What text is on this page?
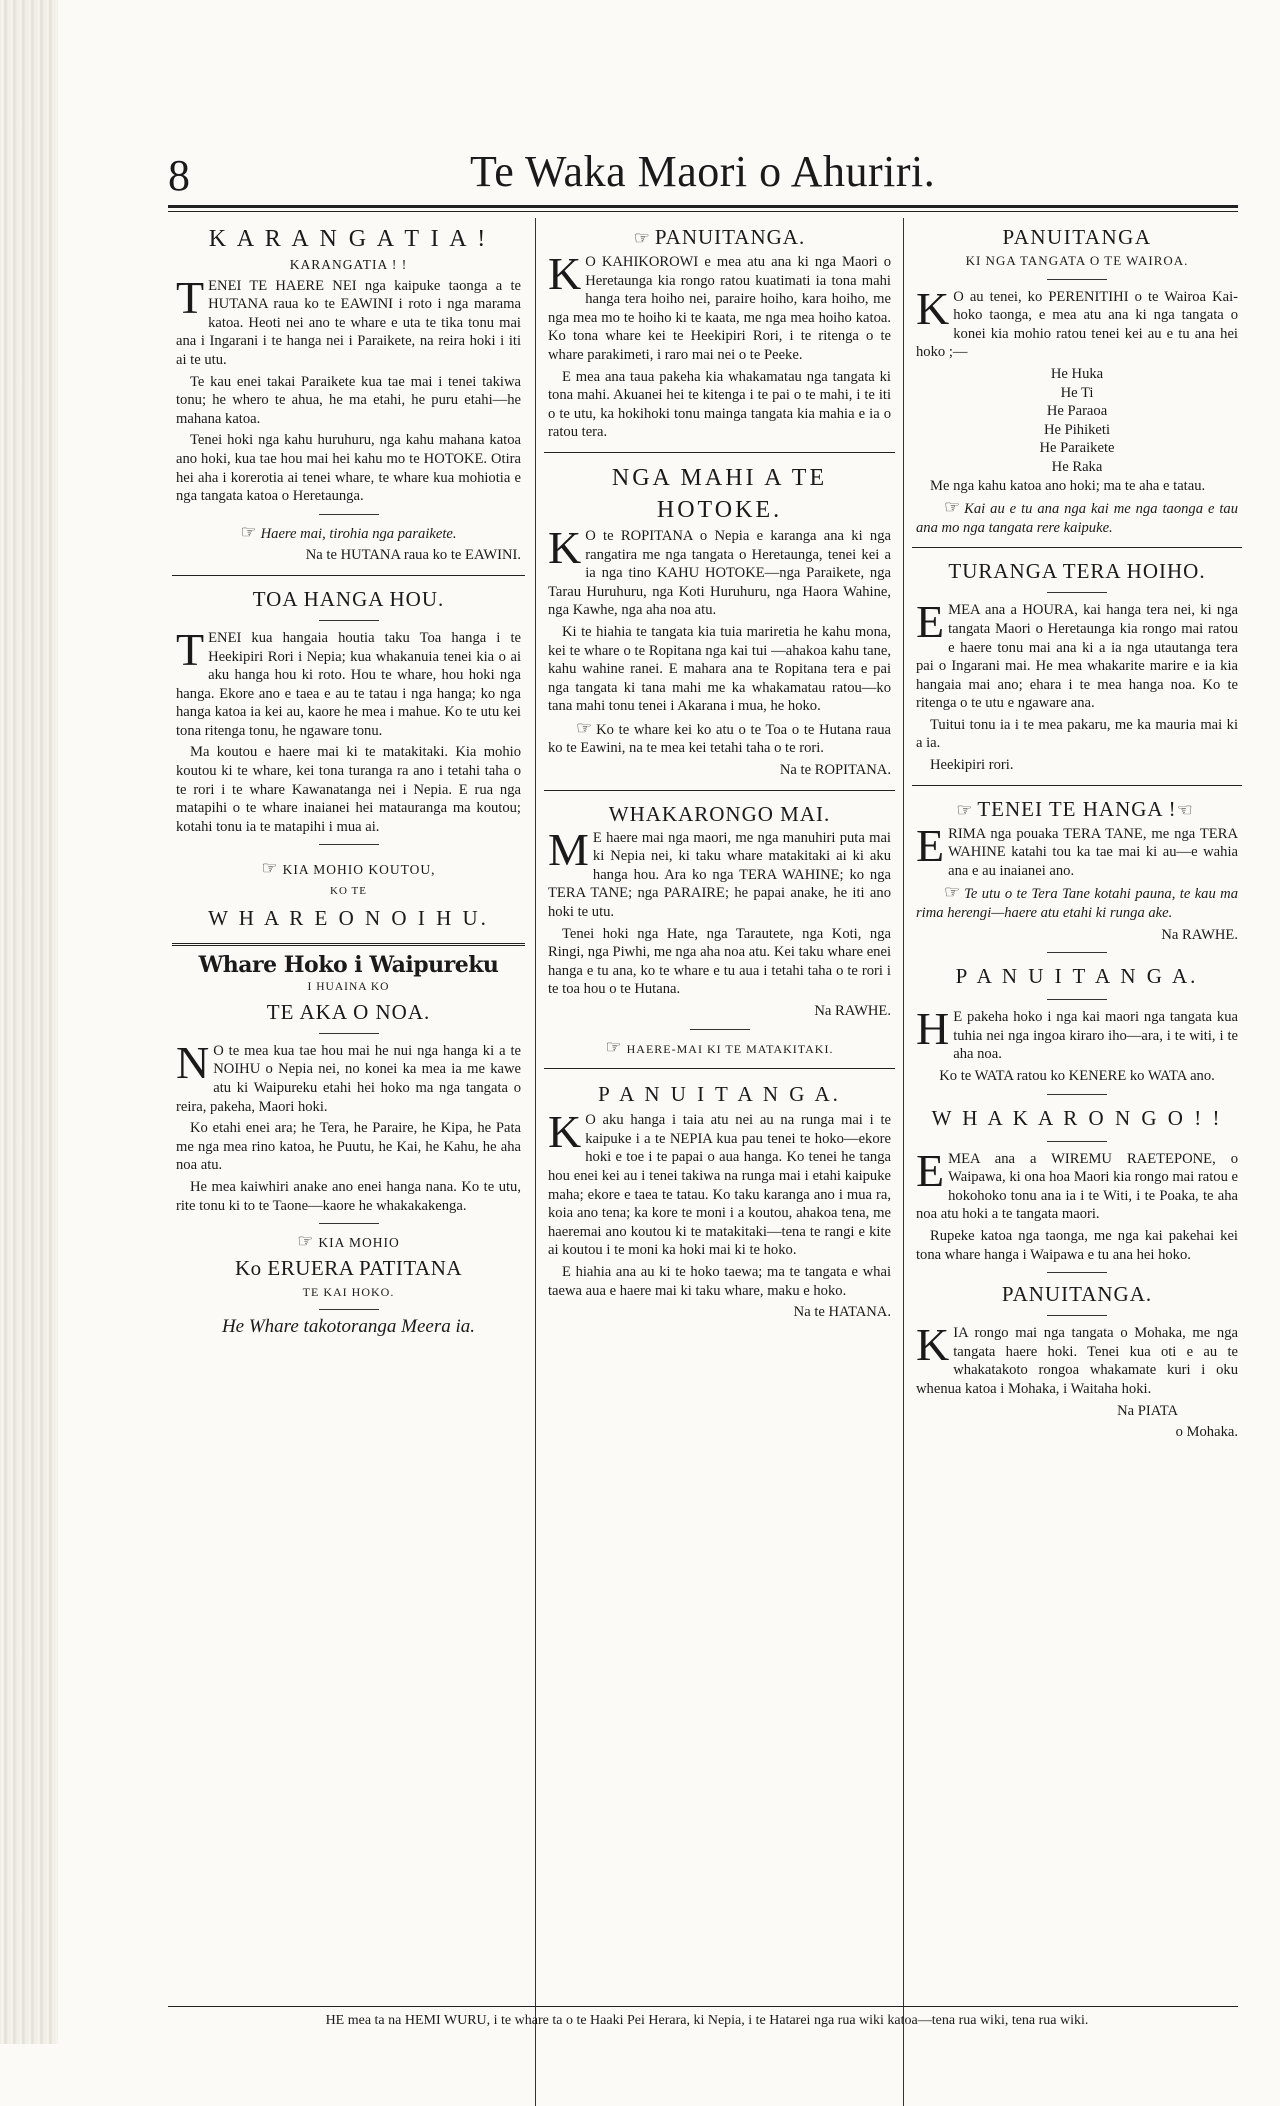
8	Te Waka Maori o Ahuriri.
K A R A N G A T I A !
KARANGATIA ! !

TENEI TE HAERE NEI nga kaipuke taonga a te HUTANA raua ko te EAWINI i roto i nga marama katoa. Heoti nei ano te whare e uta te tika tonu mai ana i Ingarani i te hanga nei i Paraikete, na reira hoki i iti ai te utu.

Te kau enei takai Paraikete kua tae mai i tenei takiwa tonu; he whero te ahua, he ma etahi, he puru etahi—he mahana katoa.

Tenei hoki nga kahu huruhuru, nga kahu mahana katoa ano hoki, kua tae hou mai hei kahu mo te HOTOKE. Otira hei aha i korerotia ai tenei whare, te whare kua mohiotia e nga tangata katoa o Heretaunga.

☞ Haere mai, tirohia nga paraikete.

Na te HUTANA raua ko te EAWINI.

TOA HANGA HOU.

TENEI kua hangaia houtia taku Toa hanga i te Heekipiri Rori i Nepia; kua whakanuia tenei kia o ai aku hanga hou ki roto. Hou te whare, hou hoki nga hanga. Ekore ano e taea e au te tatau i nga hanga; ko nga hanga katoa ia kei au, kaore he mea i mahue. Ko te utu kei tona ritenga tonu, he ngaware tonu.

Ma koutou e haere mai ki te matakitaki. Kia mohio koutou ki te whare, kei tona turanga ra ano i tetahi taha o te rori i te whare Kawanatanga nei i Nepia. E rua nga matapihi o te whare inaianei hei matauranga ma koutou; kotahi tonu ia te matapihi i mua ai.

☞ KIA MOHIO KOUTOU,
KO TE
W H A R E O N O I H U.
Whare Hoko i Waipureku
I HUAINA KO
TE AKA O NOA.

N O te mea kua tae hou mai he nui nga hanga ki a te NOIHU o Nepia nei, no konei ka mea ia me kawe atu ki Waipureku etahi hei hoko ma nga tangata o reira, pakeha, Maori hoki.

Ko etahi enei ara; he Tera, he Paraire, he Kipa, he Pata me nga mea rino katoa, he Puutu, he Kai, he Kahu, he aha noa atu.

He mea kaiwhiri anake ano enei hanga nana. Ko te utu, rite tonu ki to te Taone—kaore he whakakakenga.

☞ KIA MOHIO
Ko ERUERA PATITANA
TE KAI HOKO.
He Whare takotoranga Meera ia.
☞ PANUITANGA.

K O KAHIKOROWI e mea atu ana ki nga Maori o Heretaunga kia rongo ratou kuatimati ia tona mahi hanga tera hoiho nei, paraire hoiho, kara hoiho, me nga mea mo te hoiho ki te kaata, me nga mea hoiho katoa. Ko tona whare kei te Heekipiri Rori, i te ritenga o te whare parakimeti, i raro mai nei o te Peeke.

E mea ana taua pakeha kia whakamatau nga tangata ki tona mahi. Akuanei hei te kitenga i te pai o te mahi, i te iti o te utu, ka hokihoki tonu mainga tangata kia mahia e ia o ratou tera.

NGA MAHI A TE
HOTOKE.

K O te ROPITANA o Nepia e karanga ana ki nga rangatira me nga tangata o Heretaunga, tenei kei a ia nga tino KAHU HOTOKE—nga Paraikete, nga Tarau Huruhuru, nga Koti Huruhuru, nga Haora Wahine, nga Kawhe, nga aha noa atu.

Ki te hiahia te tangata kia tuia mariretia he kahu mona, kei te whare o te Ropitana nga kai tui —ahakoa kahu tane, kahu wahine ranei. E mahara ana te Ropitana tera e pai nga tangata ki tana mahi me ka whakamatau ratou—ko tana mahi tonu tenei i Akarana i mua, he hoko.

☞ Ko te whare kei ko atu o te Toa o te Hutana raua ko te Eawini, na te mea kei tetahi taha o te rori.

Na te ROPITANA.

WHAKARONGO MAI.

M E haere mai nga maori, me nga manuhiri puta mai ki Nepia nei, ki taku whare matakitaki ai ki aku hanga hou. Ara ko nga TERA WAHINE; ko nga TERA TANE; nga PARAIRE; he papai anake, he iti ano hoki te utu.

Tenei hoki nga Hate, nga Tarautete, nga Koti, nga Ringi, nga Piwhi, me nga aha noa atu. Kei taku whare enei hanga e tu ana, ko te whare e tu aua i tetahi taha o te rori i te toa hou o te Hutana.

Na RAWHE.

☞ HAERE-MAI KI TE MATAKITAKI.
P A N U I T A N G A.

K O aku hanga i taia atu nei au na runga mai i te kaipuke i a te NEPIA kua pau tenei te hoko—ekore hoki e toe i te papai o aua hanga. Ko tenei he tanga hou enei kei au i tenei takiwa na runga mai i etahi kaipuke maha; ekore e taea te tatau. Ko taku karanga ano i mua ra, koia ano tena; ka kore te moni i a koutou, ahakoa tena, me haeremai ano koutou ki te matakitaki—tena te rangi e kite ai koutou i te moni ka hoki mai ki te hoko.

E hiahia ana au ki te hoko taewa; ma te tangata e whai taewa aua e haere mai ki taku whare, maku e hoko.

Na te HATANA.

PANUITANGA
KI NGA TANGATA O TE WAIROA.

K O au tenei, ko PERENITIHI o te Wairoa Kai-hoko taonga, e mea atu ana ki nga tangata o konei kia mohio ratou tenei kei au e tu ana hei hoko ;—

He Huka

He Ti

He Paraoa

He Pihiketi

He Paraikete

He Raka

Me nga kahu katoa ano hoki; ma te aha e tatau.

☞ Kai au e tu ana nga kai me nga taonga e tau ana mo nga tangata rere kaipuke.

TURANGA TERA HOIHO.

EMEA ana a HOURA, kai hanga tera nei, ki nga tangata Maori o Heretaunga kia rongo mai ratou e haere tonu mai ana ki a ia nga utautanga tera pai o Ingarani mai. He mea whakarite marire e ia kia hangaia mai ano; ehara i te mea hanga noa. Ko te ritenga o te utu e ngaware ana.

Tuitui tonu ia i te mea pakaru, me ka mauria mai ki a ia.

Heekipiri rori.

☞ TENEI TE HANGA !☜

ERIMA nga pouaka TERA TANE, me nga TERA WAHINE katahi tou ka tae mai ki au—e wahia ana e au inaianei ano.

☞ Te utu o te Tera Tane kotahi pauna, te kau ma rima herengi—haere atu etahi ki runga ake.

Na RAWHE.

P A N U I T A N G A.

H E pakeha hoko i nga kai maori nga tangata kua tuhia nei nga ingoa kiraro iho—ara, i te witi, i te aha noa.

Ko te WATA ratou ko KENERE ko WATA ano.

W H A K A R O N G O ! !

EMEA ana a WIREMU RAETEPONE, o Waipawa, ki ona hoa Maori kia rongo mai ratou e hokohoko tonu ana ia i te Witi, i te Poaka, te aha noa atu hoki a te tangata maori.

Rupeke katoa nga taonga, me nga kai pakehai kei tona whare hanga i Waipawa e tu ana hei hoko.

PANUITANGA.

KIA rongo mai nga tangata o Mohaka, me nga tangata haere hoki. Tenei kua oti e au te whakatakoto rongoa whakamate kuri i oku whenua katoa i Mohaka, i Waitaha hoki.

Na PIATA

o Mohaka.

HE mea ta na HEMI WURU, i te whare ta o te Haaki Pei Herara, ki Nepia, i te Hatarei nga rua wiki katoa—tena rua wiki, tena rua wiki.
